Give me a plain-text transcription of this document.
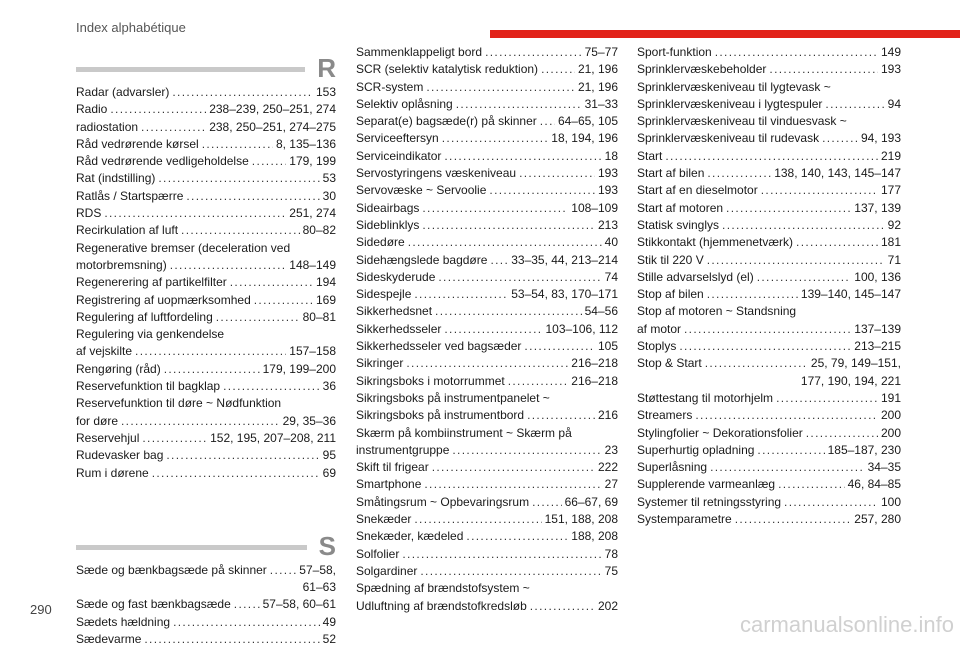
Index alphabétique
R
Radar (advarsler) . . .	153
Radio . . .	238–239, 250–251, 274
radiostation . . .	238, 250–251, 274–275
Råd vedrørende kørsel . . .	8, 135–136
Råd vedrørende vedligeholdelse . . .	179, 199
Rat (indstilling) . . .	53
Ratlås / Startspærre . . .	30
RDS . . .	251, 274
Recirkulation af luft . . .	80–82
Regenerative bremser (deceleration ved
motorbremsning) . . .	148–149
Regenerering af partikelfilter . . .	194
Registrering af uopmærksomhed . . .	169
Regulering af luftfordeling . . .	80–81
Regulering via genkendelse
af vejskilte . . .	157–158
Rengøring (råd) . . .	179, 199–200
Reservefunktion til bagklap . . .	36
Reservefunktion til døre ~ Nødfunktion
for døre . . .	29, 35–36
Reservehjul . . .	152, 195, 207–208, 211
Rudevasker bag . . .	95
Rum i dørene . . .	69
S
Sæde og bænkbagsæde på skinner . . .	57–58,
61–63
Sæde og fast bænkbagsæde . . .	57–58, 60–61
Sædets hældning . . .	49
Sædevarme . . .	52
Sammenklappeligt bord . . .	75–77
SCR (selektiv katalytisk reduktion) . . .	21, 196
SCR-system . . .	21, 196
Selektiv oplåsning . . .	31–33
Separat(e) bagsæde(r) på skinner . . . 64–65, 105
Serviceeftersyn . . .	18, 194, 196
Serviceindikator . . .	18
Servostyringens væskeniveau . . .	193
Servovæske ~ Servoolie . . .	193
Sideairbags . . .	108–109
Sideblinklys . . .	213
Sidedøre . . .	40
Sidehængslede bagdøre . . . 33–35, 44, 213–214
Sideskyderude . . .	74
Sidespejle . . .	53–54, 83, 170–171
Sikkerhedsnet . . .	54–56
Sikkerhedsseler . . .	103–106, 112
Sikkerhedsseler ved bagsæder . . .	105
Sikringer . . .	216–218
Sikringsboks i motorrummet . . .	216–218
Sikringsboks på instrumentpanelet ~
Sikringsboks på instrumentbord . . .	216
Skærm på kombiinstrument ~ Skærm på
instrumentgruppe . . .	23
Skift til frigear . . .	222
Smartphone . . .	27
Småtingsrum ~ Opbevaringsrum . . .	66–67, 69
Snekæder . . .	151, 188, 208
Snekæder, kædeled . . .	188, 208
Solfolier . . .	78
Solgardiner . . .	75
Spædning af brændstofsystem ~
Udluftning af brændstofkredsløb . . .	202
Sport-funktion . . .	149
Sprinklervæskebeholder . . .	193
Sprinklervæskeniveau til lygtevask ~
Sprinklervæskeniveau i lygtespuler . . .	94
Sprinklervæskeniveau til vinduesvask ~
Sprinklervæskeniveau til rudevask . . .	94, 193
Start . . .	219
Start af bilen . . .	138, 140, 143, 145–147
Start af en dieselmotor . . .	177
Start af motoren . . .	137, 139
Statisk svinglys . . .	92
Stikkontakt (hjemmenetværk) . . .	181
Stik til 220 V . . .	71
Stille advarselslyd (el) . . .	100, 136
Stop af bilen . . .	139–140, 145–147
Stop af motoren ~ Standsning
af motor . . .	137–139
Stoplys . . .	213–215
Stop & Start . . .	25, 79, 149–151,
177, 190, 194, 221
Støttestang til motorhjelm . . .	191
Streamers . . .	200
Stylingfolier ~ Dekorationsfolier . . .	200
Superhurtig opladning . . .	185–187, 230
Superlåsning . . .	34–35
Supplerende varmeanlæg . . .	46, 84–85
Systemer til retningsstyring . . .	100
Systemparametre . . .	257, 280
290
carmanualsonline.info
